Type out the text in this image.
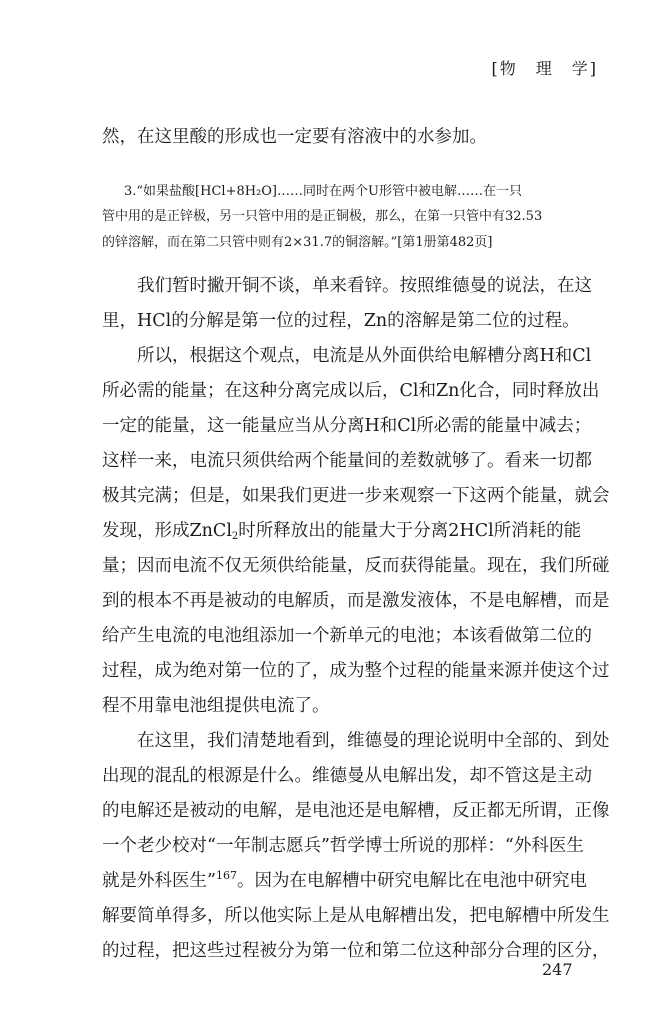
[物　理　学]
然，在这里酸的形成也一定要有溶液中的水参加。
3.“如果盐酸[HCl+8H₂O]……同时在两个U形管中被电解……在一只
管中用的是正锌极，另一只管中用的是正铜极，那么，在第一只管中有32.53
的锌溶解，而在第二只管中则有2×31.7的铜溶解。”[第1册第482页]
　　我们暂时撇开铜不谈，单来看锌。按照维德曼的说法，在这
里，HCl的分解是第一位的过程，Zn的溶解是第二位的过程。
　　所以，根据这个观点，电流是从外面供给电解槽分离H和Cl
所必需的能量；在这种分离完成以后，Cl和Zn化合，同时释放出
一定的能量，这一能量应当从分离H和Cl所必需的能量中减去；
这样一来，电流只须供给两个能量间的差数就够了。看来一切都
极其完满；但是，如果我们更进一步来观察一下这两个能量，就会
发现，形成ZnCl$_2$时所释放出的能量大于分离2HCl所消耗的能
量；因而电流不仅无须供给能量，反而获得能量。现在，我们所碰
到的根本不再是被动的电解质，而是激发液体，不是电解槽，而是
给产生电流的电池组添加一个新单元的电池；本该看做第二位的
过程，成为绝对第一位的了，成为整个过程的能量来源并使这个过
程不用靠电池组提供电流了。
　　在这里，我们清楚地看到，维德曼的理论说明中全部的、到处
出现的混乱的根源是什么。维德曼从电解出发，却不管这是主动
的电解还是被动的电解，是电池还是电解槽，反正都无所谓，正像
一个老少校对“一年制志愿兵”哲学博士所说的那样：“外科医生
就是外科医生”$^{167}$。因为在电解槽中研究电解比在电池中研究电
解要简单得多，所以他实际上是从电解槽出发，把电解槽中所发生
的过程，把这些过程被分为第一位和第二位这种部分合理的区分，
247
